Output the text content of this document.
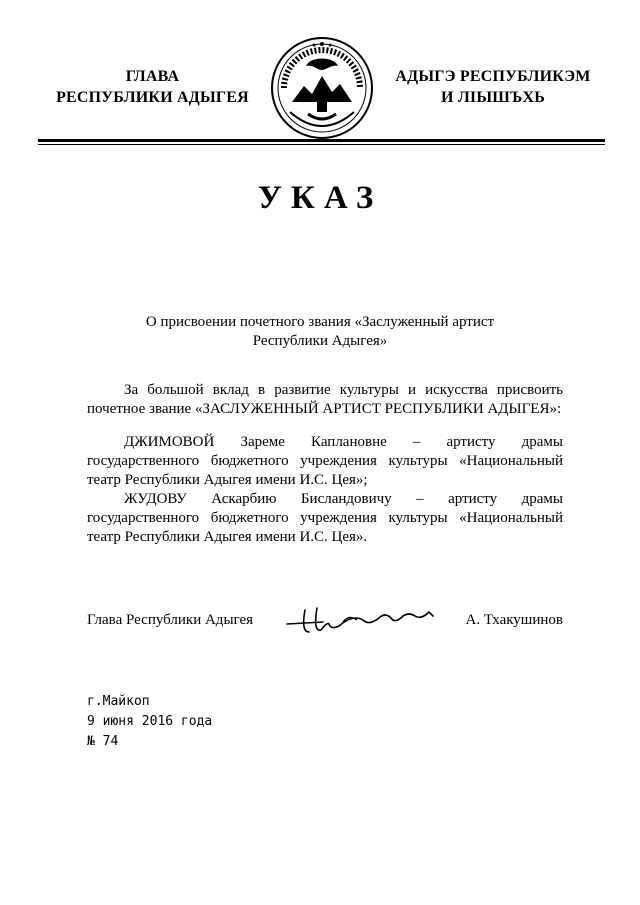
ГЛАВА
РЕСПУБЛИКИ АДЫГЕЯ
АДЫГЭ РЕСПУБЛИКЭМ
И ЛІЫШЪХЬ
УКАЗ
О присвоении почетного звания «Заслуженный артист
Республики Адыгея»

За большой вклад в развитие культуры и искусства присвоить почетное звание «ЗАСЛУЖЕННЫЙ АРТИСТ РЕСПУБЛИКИ АДЫГЕЯ»:

ДЖИМОВОЙ Зареме Каплановне – артисту драмы государственного бюджетного учреждения культуры «Национальный театр Республики Адыгея имени И.С. Цея»;

ЖУДОВУ Аскарбию Бисландовичу – артисту драмы государственного бюджетного учреждения культуры «Национальный театр Республики Адыгея имени И.С. Цея».

Глава Республики Адыгея	А. Тхакушинов
г.Майкоп
9 июня 2016 года
№ 74
